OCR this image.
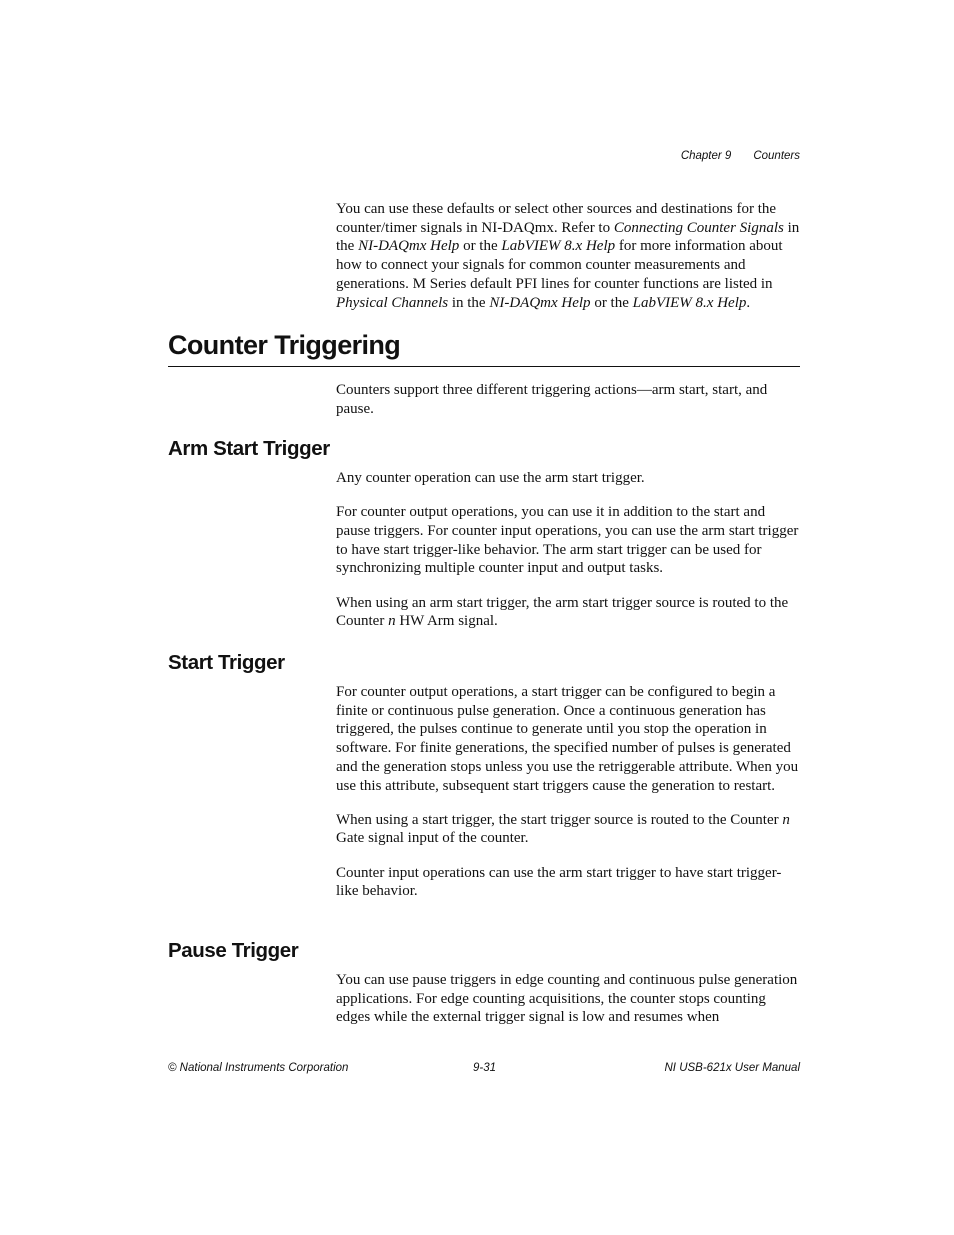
Chapter 9 Counters

You can use these defaults or select other sources and destinations for the counter/timer signals in NI-DAQmx. Refer to Connecting Counter Signals in the NI-DAQmx Help or the LabVIEW 8.x Help for more information about how to connect your signals for common counter measurements and generations. M Series default PFI lines for counter functions are listed in Physical Channels in the NI-DAQmx Help or the LabVIEW 8.x Help.

Counter Triggering

Counters support three different triggering actions—arm start, start, and pause.

Arm Start Trigger

Any counter operation can use the arm start trigger.

For counter output operations, you can use it in addition to the start and pause triggers. For counter input operations, you can use the arm start trigger to have start trigger-like behavior. The arm start trigger can be used for synchronizing multiple counter input and output tasks.

When using an arm start trigger, the arm start trigger source is routed to the Counter n HW Arm signal.

Start Trigger

For counter output operations, a start trigger can be configured to begin a finite or continuous pulse generation. Once a continuous generation has triggered, the pulses continue to generate until you stop the operation in software. For finite generations, the specified number of pulses is generated and the generation stops unless you use the retriggerable attribute. When you use this attribute, subsequent start triggers cause the generation to restart.

When using a start trigger, the start trigger source is routed to the Counter n Gate signal input of the counter.

Counter input operations can use the arm start trigger to have start trigger-like behavior.

Pause Trigger

You can use pause triggers in edge counting and continuous pulse generation applications. For edge counting acquisitions, the counter stops counting edges while the external trigger signal is low and resumes when

© National Instruments Corporation	9-31	NI USB-621x User Manual
